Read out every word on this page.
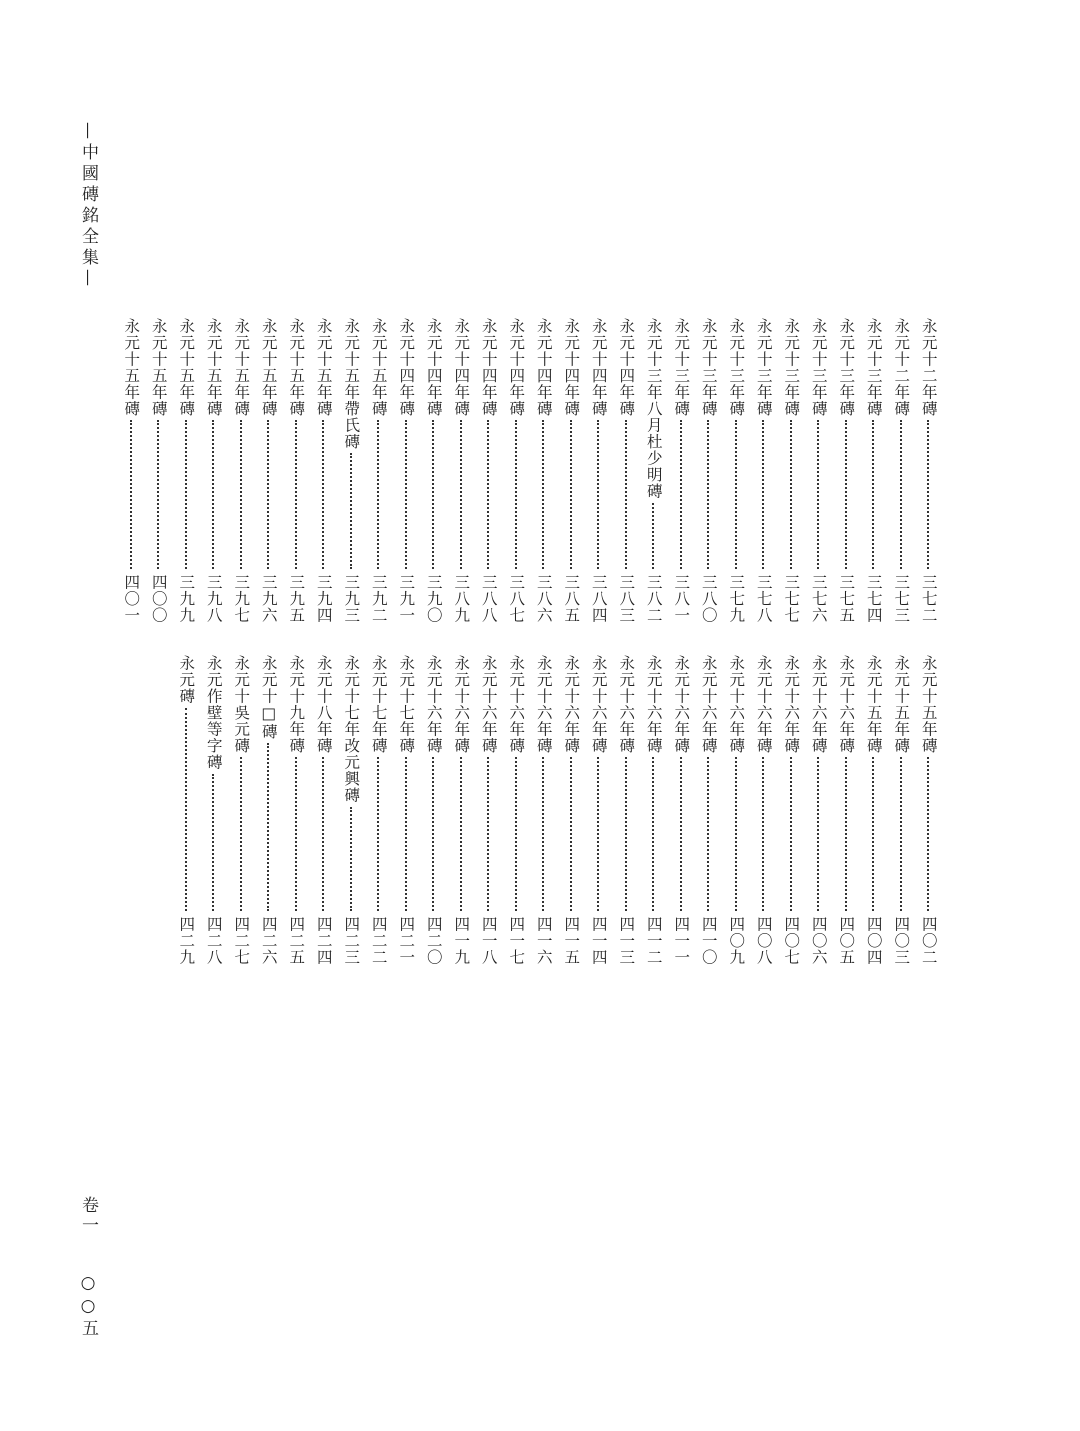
—中國磚銘全集—
永元十二年磚
三七二
永元十二年磚
三七三
永元十三年磚
三七四
永元十三年磚
三七五
永元十三年磚
三七六
永元十三年磚
三七七
永元十三年磚
三七八
永元十三年磚
三七九
永元十三年磚
三八〇
永元十三年磚
三八一
永元十三年八月杜少明磚
三八二
永元十四年磚
三八三
永元十四年磚
三八四
永元十四年磚
三八五
永元十四年磚
三八六
永元十四年磚
三八七
永元十四年磚
三八八
永元十四年磚
三八九
永元十四年磚
三九〇
永元十四年磚
三九一
永元十五年磚
三九二
永元十五年帶氏磚
三九三
永元十五年磚
三九四
永元十五年磚
三九五
永元十五年磚
三九六
永元十五年磚
三九七
永元十五年磚
三九八
永元十五年磚
三九九
永元十五年磚
四〇〇
永元十五年磚
四〇一
永元十五年磚
四〇二
永元十五年磚
四〇三
永元十五年磚
四〇四
永元十六年磚
四〇五
永元十六年磚
四〇六
永元十六年磚
四〇七
永元十六年磚
四〇八
永元十六年磚
四〇九
永元十六年磚
四一〇
永元十六年磚
四一一
永元十六年磚
四一二
永元十六年磚
四一三
永元十六年磚
四一四
永元十六年磚
四一五
永元十六年磚
四一六
永元十六年磚
四一七
永元十六年磚
四一八
永元十六年磚
四一九
永元十六年磚
四二〇
永元十七年磚
四二一
永元十七年磚
四二二
永元十七年改元興磚
四二三
永元十八年磚
四二四
永元十九年磚
四二五
永元十□磚
四二六
永元十吳元磚
四二七
永元作壁等字磚
四二八
永元磚
四二九
卷一 　 ○○五
